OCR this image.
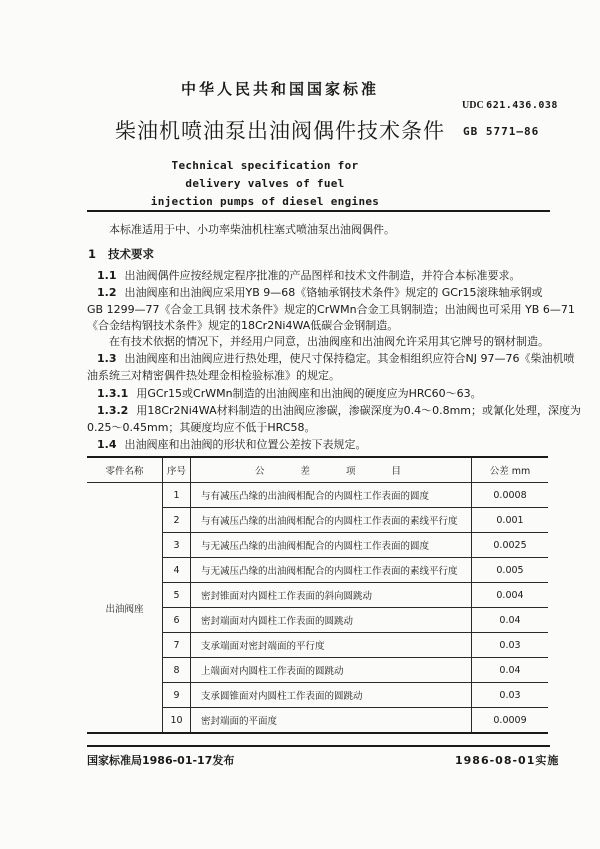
中华人民共和国国家标准
UDC 621.436.038
柴油机喷油泵出油阀偶件技术条件	GB 5771—86
Technical specification for
delivery valves of fuel
injection pumps of diesel engines
本标准适用于中、小功率柴油机柱塞式喷油泵出油阀偶件。
1 技术要求
1.1 出油阀偶件应按经规定程序批准的产品图样和技术文件制造，并符合本标准要求。
1.2 出油阀座和出油阀应采用YB 9—68《铬轴承钢技术条件》规定的 GCr15滚珠轴承钢或
GB 1299—77《合金工具钢 技术条件》规定的CrWMn合金工具钢制造；出油阀也可采用 YB 6—71
《合金结构钢技术条件》规定的18Cr2Ni4WA低碳合金钢制造。
在有技术依据的情况下，并经用户同意，出油阀座和出油阀允许采用其它牌号的钢材制造。
1.3 出油阀座和出油阀应进行热处理，使尺寸保持稳定。其金相组织应符合NJ 97—76《柴油机喷
油系统三对精密偶件热处理金相检验标准》的规定。
1.3.1 用GCr15或CrWMn制造的出油阀座和出油阀的硬度应为HRC60～63。
1.3.2 用18Cr2Ni4WA材料制造的出油阀应渗碳，渗碳深度为0.4～0.8mm；或氰化处理，深度为
0.25～0.45mm；其硬度均应不低于HRC58。
1.4 出油阀座和出油阀的形状和位置公差按下表规定。
零件名称	序号	公差项目	公差 mm
出油阀座	1	与有减压凸缘的出油阀相配合的内圆柱工作表面的圆度	0.0008
	2	与有减压凸缘的出油阀相配合的内圆柱工作表面的素线平行度	0.001
	3	与无减压凸缘的出油阀相配合的内圆柱工作表面的圆度	0.0025
	4	与无减压凸缘的出油阀相配合的内圆柱工作表面的素线平行度	0.005
	5	密封锥面对内圆柱工作表面的斜向圆跳动	0.004
	6	密封端面对内圆柱工作表面的圆跳动	0.04
	7	支承端面对密封端面的平行度	0.03
	8	上端面对内圆柱工作表面的圆跳动	0.04
	9	支承圆锥面对内圆柱工作表面的圆跳动	0.03
	10	密封端面的平面度	0.0009
国家标准局1986-01-17发布	1986-08-01实施
